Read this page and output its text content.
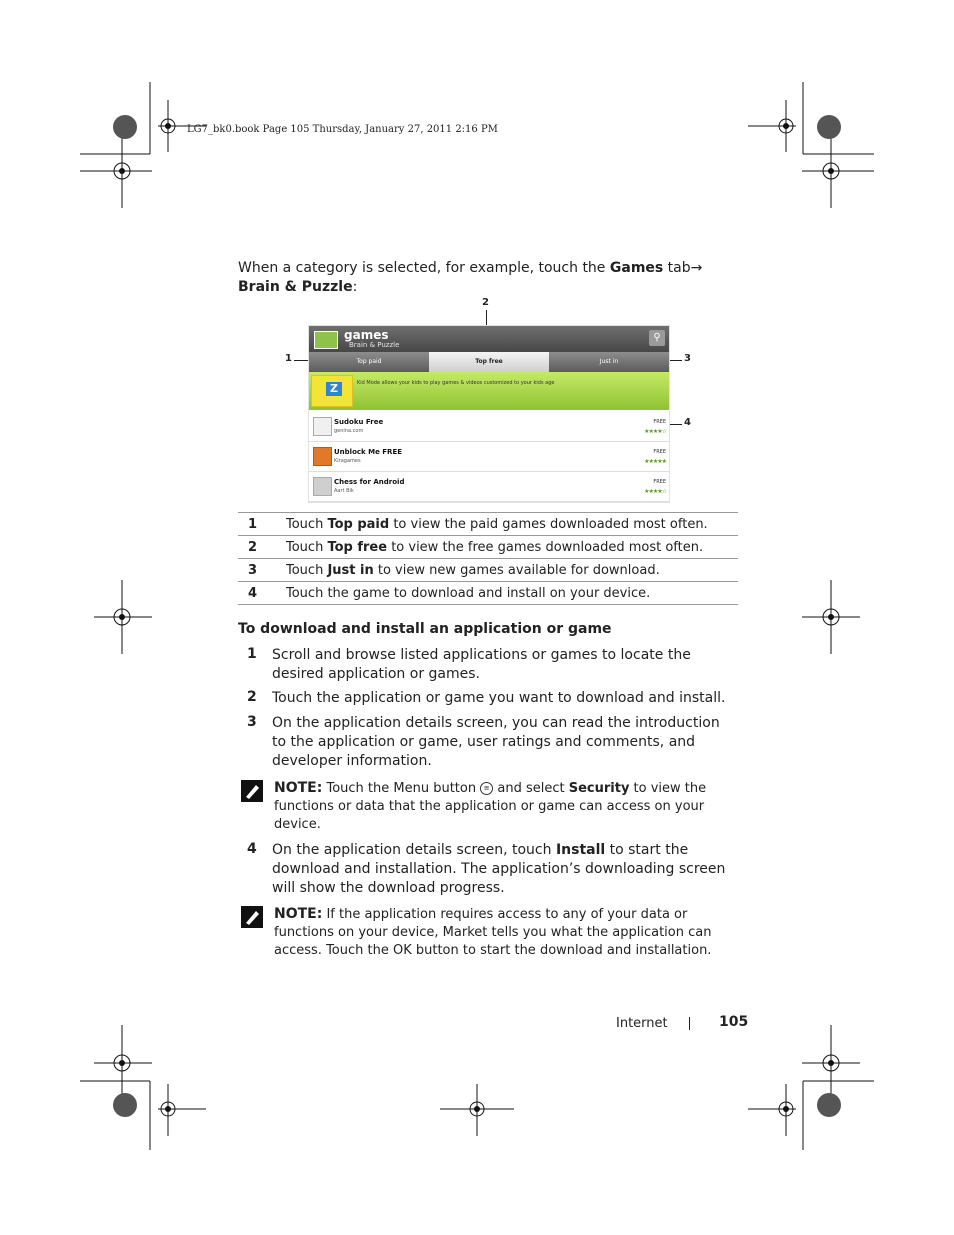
LG7_bk0.book Page 105 Thursday, January 27, 2011 2:16 PM
When a category is selected, for example, touch the Games tab→ Brain & Puzzle:
2
1	3
4
games
Brain & Puzzle
⚲
Top paid	Top free	Just in
Z	Kid Mode allows your kids to play games & videos customized to your kids age
Sudoku Free
genina.com
FREE
★★★★☆
Unblock Me FREE
Kiragames
FREE
★★★★★
Chess for Android
Aart Bik
FREE
★★★★☆
1	Touch Top paid to view the paid games downloaded most often.
2	Touch Top free to view the free games downloaded most often.
3	Touch Just in to view new games available for download.
4	Touch the game to download and install on your device.
To download and install an application or game
1 Scroll and browse listed applications or games to locate the desired application or games.
2 Touch the application or game you want to download and install.
3 On the application details screen, you can read the introduction to the application or game, user ratings and comments, and developer information.
NOTE: Touch the Menu button ≡ and select Security to view the functions or data that the application or game can access on your device.
4 On the application details screen, touch Install to start the download and installation. The application’s downloading screen will show the download progress.
NOTE: If the application requires access to any of your data or functions on your device, Market tells you what the application can access. Touch the OK button to start the download and installation.
Internet	105
